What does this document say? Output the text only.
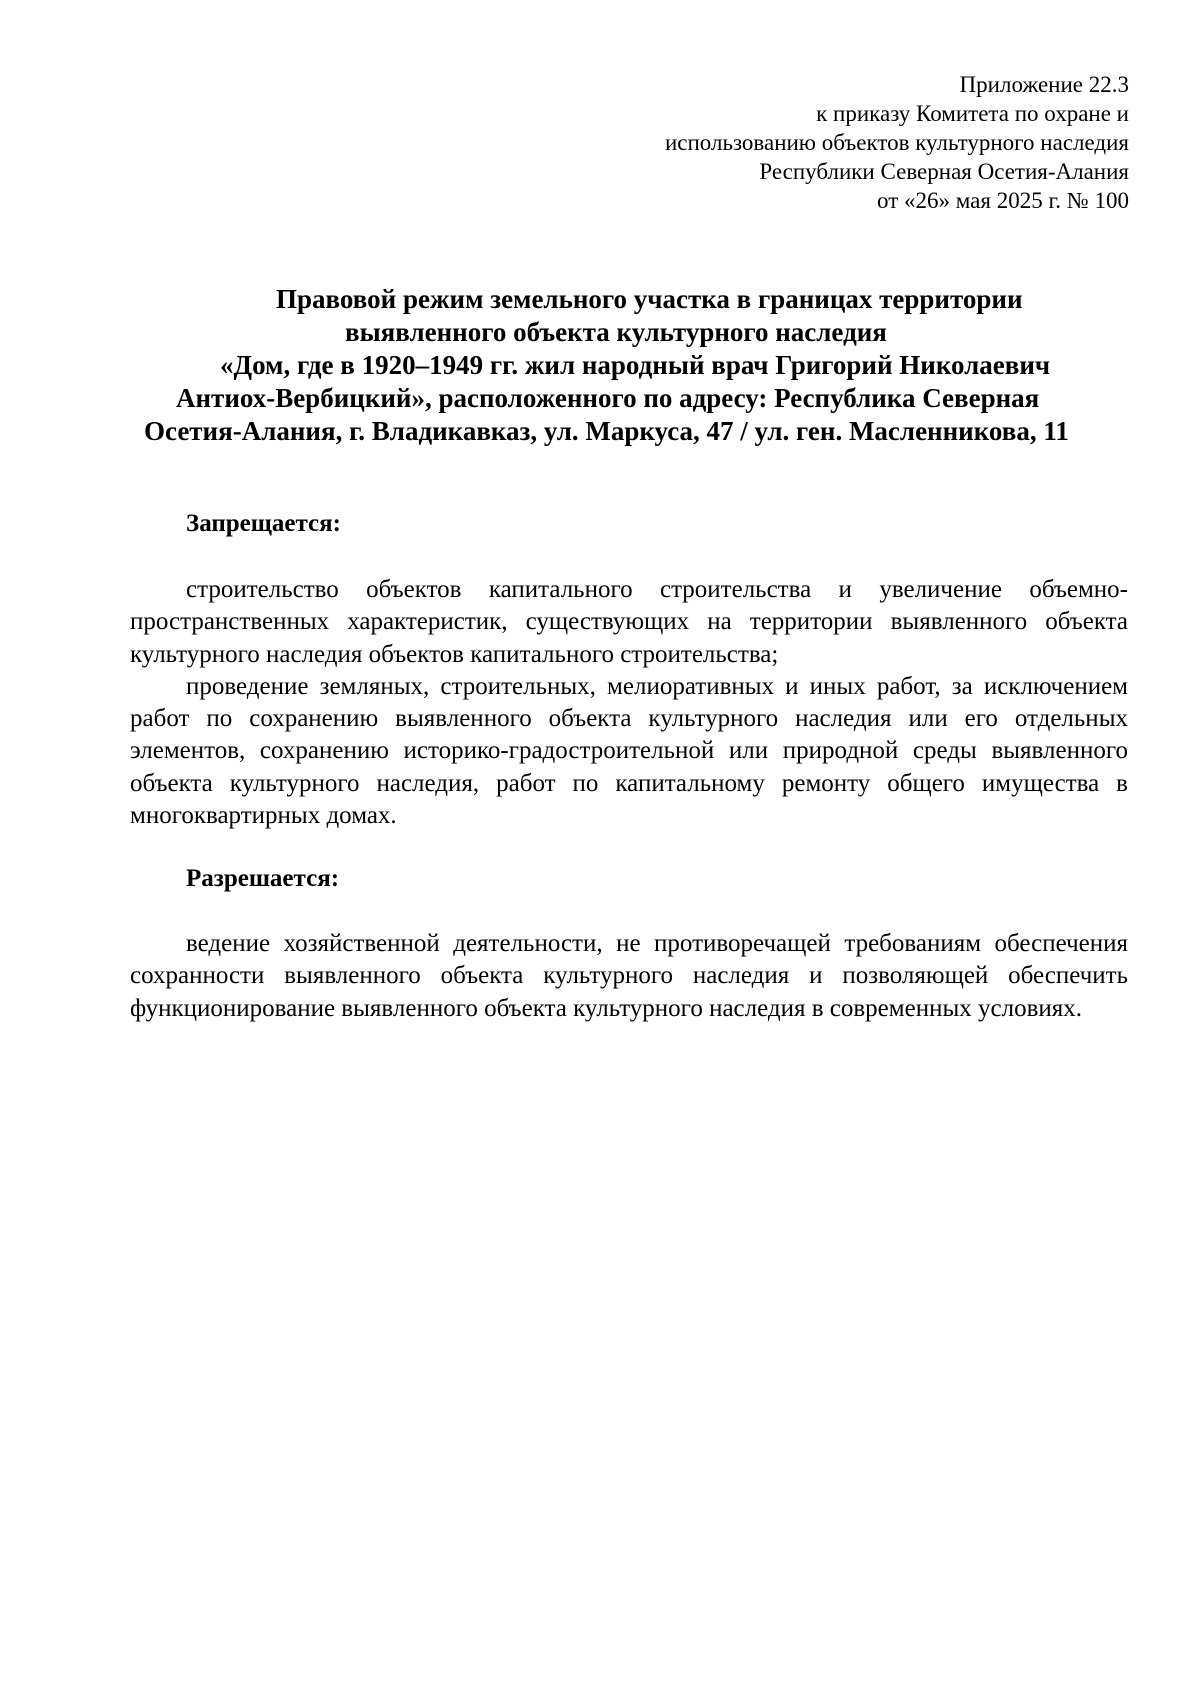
Приложение 22.3
к приказу Комитета по охране и
использованию объектов культурного наследия
Республики Северная Осетия-Алания
от «26» мая 2025 г. № 100
Правовой режим земельного участка в границах территории
выявленного объекта культурного наследия
«Дом, где в 1920–1949 гг. жил народный врач Григорий Николаевич
Антиох-Вербицкий», расположенного по адресу: Республика Северная
Осетия-Алания, г. Владикавказ, ул. Маркуса, 47 / ул. ген. Масленникова, 11
Запрещается:

строительство объектов капитального строительства и увеличение объемно-пространственных характеристик, существующих на территории выявленного объекта культурного наследия объектов капитального строительства;

проведение земляных, строительных, мелиоративных и иных работ, за исключением работ по сохранению выявленного объекта культурного наследия или его отдельных элементов, сохранению историко-градостроительной или природной среды выявленного объекта культурного наследия, работ по капитальному ремонту общего имущества в многоквартирных домах.

Разрешается:

ведение хозяйственной деятельности, не противоречащей требованиям обеспечения сохранности выявленного объекта культурного наследия и позволяющей обеспечить функционирование выявленного объекта культурного наследия в современных условиях.
